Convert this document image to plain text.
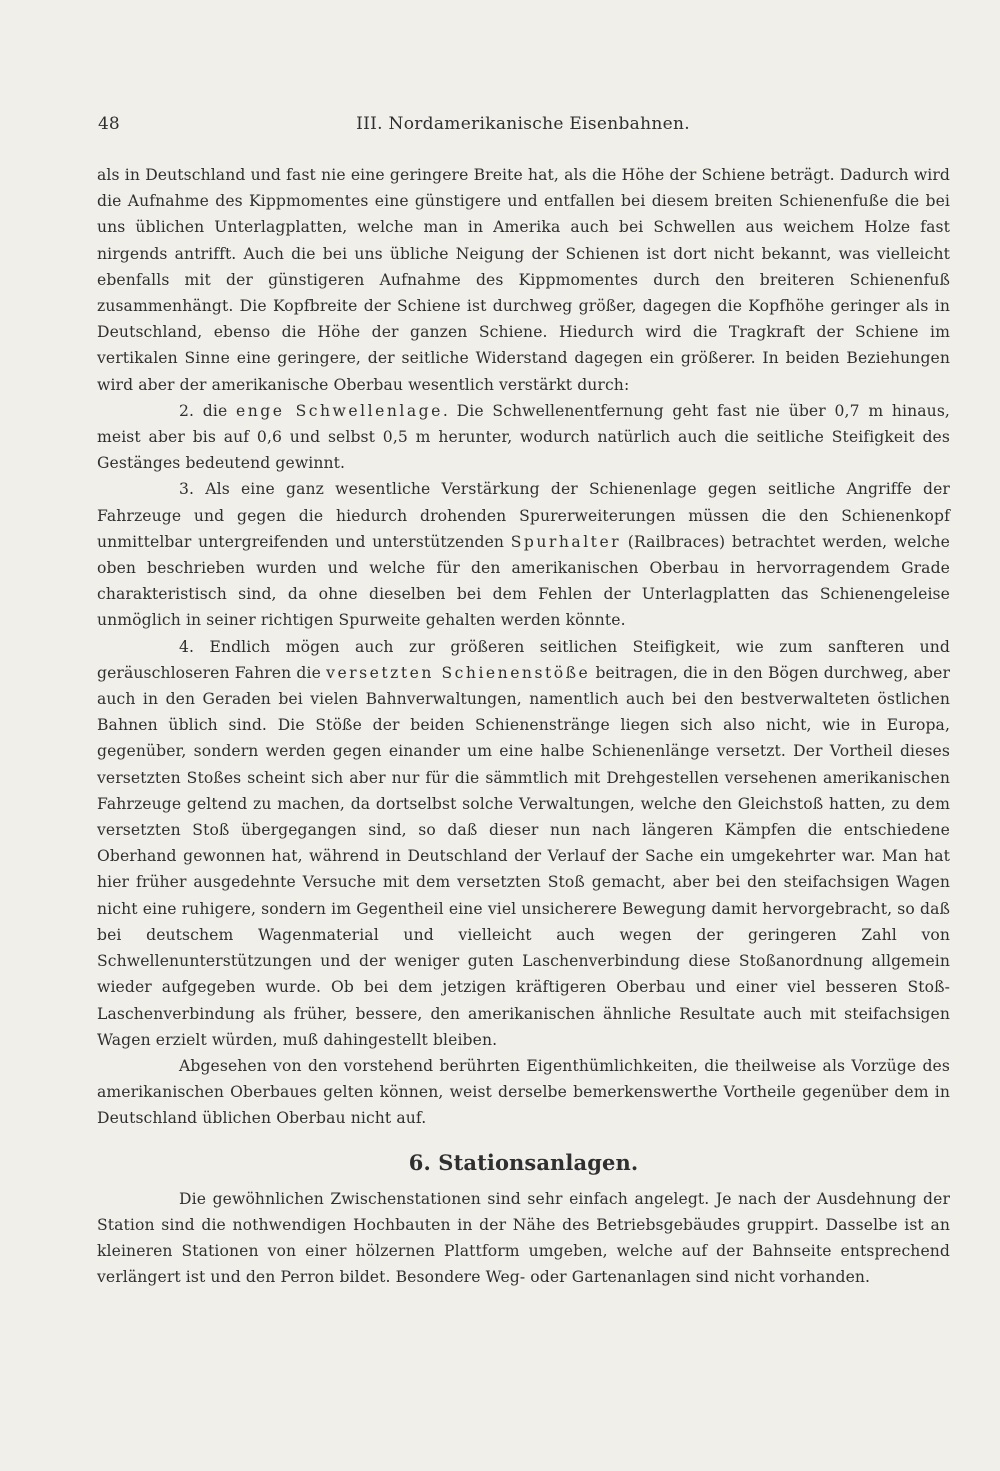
48	III. Nordamerikanische Eisenbahnen.

als in Deutschland und fast nie eine geringere Breite hat, als die Höhe der Schiene beträgt. Dadurch wird die Aufnahme des Kippmomentes eine günstigere und entfallen bei diesem breiten Schienenfuße die bei uns üblichen Unterlagplatten, welche man in Amerika auch bei Schwellen aus weichem Holze fast nirgends antrifft. Auch die bei uns übliche Neigung der Schienen ist dort nicht bekannt, was vielleicht ebenfalls mit der günstigeren Aufnahme des Kippmomentes durch den breiteren Schienenfuß zusammenhängt. Die Kopfbreite der Schiene ist durchweg größer, dagegen die Kopfhöhe geringer als in Deutschland, ebenso die Höhe der ganzen Schiene. Hiedurch wird die Tragkraft der Schiene im vertikalen Sinne eine geringere, der seitliche Widerstand dagegen ein größerer. In beiden Beziehungen wird aber der amerikanische Oberbau wesentlich verstärkt durch:

2. die enge Schwellenlage. Die Schwellenentfernung geht fast nie über 0,7 m hinaus, meist aber bis auf 0,6 und selbst 0,5 m herunter, wodurch natürlich auch die seitliche Steifigkeit des Gestänges bedeutend gewinnt.

3. Als eine ganz wesentliche Verstärkung der Schienenlage gegen seitliche Angriffe der Fahrzeuge und gegen die hiedurch drohenden Spurerweiterungen müssen die den Schienenkopf unmittelbar untergreifenden und unterstützenden Spurhalter (Railbraces) betrachtet werden, welche oben beschrieben wurden und welche für den amerikanischen Oberbau in hervorragendem Grade charakteristisch sind, da ohne dieselben bei dem Fehlen der Unterlagplatten das Schienengeleise unmöglich in seiner richtigen Spurweite gehalten werden könnte.

4. Endlich mögen auch zur größeren seitlichen Steifigkeit, wie zum sanfteren und geräuschloseren Fahren die versetzten Schienenstöße beitragen, die in den Bögen durchweg, aber auch in den Geraden bei vielen Bahnverwaltungen, namentlich auch bei den bestverwalteten östlichen Bahnen üblich sind. Die Stöße der beiden Schienenstränge liegen sich also nicht, wie in Europa, gegenüber, sondern werden gegen einander um eine halbe Schienenlänge versetzt. Der Vortheil dieses versetzten Stoßes scheint sich aber nur für die sämmtlich mit Drehgestellen versehenen amerikanischen Fahrzeuge geltend zu machen, da dortselbst solche Verwaltungen, welche den Gleichstoß hatten, zu dem versetzten Stoß übergegangen sind, so daß dieser nun nach längeren Kämpfen die entschiedene Oberhand gewonnen hat, während in Deutschland der Verlauf der Sache ein umgekehrter war. Man hat hier früher ausgedehnte Versuche mit dem versetzten Stoß gemacht, aber bei den steifachsigen Wagen nicht eine ruhigere, sondern im Gegentheil eine viel unsicherere Bewegung damit hervorgebracht, so daß bei deutschem Wagenmaterial und vielleicht auch wegen der geringeren Zahl von Schwellenunterstützungen und der weniger guten Laschenverbindung diese Stoßanordnung allgemein wieder aufgegeben wurde. Ob bei dem jetzigen kräftigeren Oberbau und einer viel besseren Stoß-Laschenverbindung als früher, bessere, den amerikanischen ähnliche Resultate auch mit steifachsigen Wagen erzielt würden, muß dahingestellt bleiben.

Abgesehen von den vorstehend berührten Eigenthümlichkeiten, die theilweise als Vorzüge des amerikanischen Oberbaues gelten können, weist derselbe bemerkenswerthe Vortheile gegenüber dem in Deutschland üblichen Oberbau nicht auf.

6. Stationsanlagen.

Die gewöhnlichen Zwischenstationen sind sehr einfach angelegt. Je nach der Ausdehnung der Station sind die nothwendigen Hochbauten in der Nähe des Betriebsgebäudes gruppirt. Dasselbe ist an kleineren Stationen von einer hölzernen Plattform umgeben, welche auf der Bahnseite entsprechend verlängert ist und den Perron bildet. Besondere Weg- oder Gartenanlagen sind nicht vorhanden.
